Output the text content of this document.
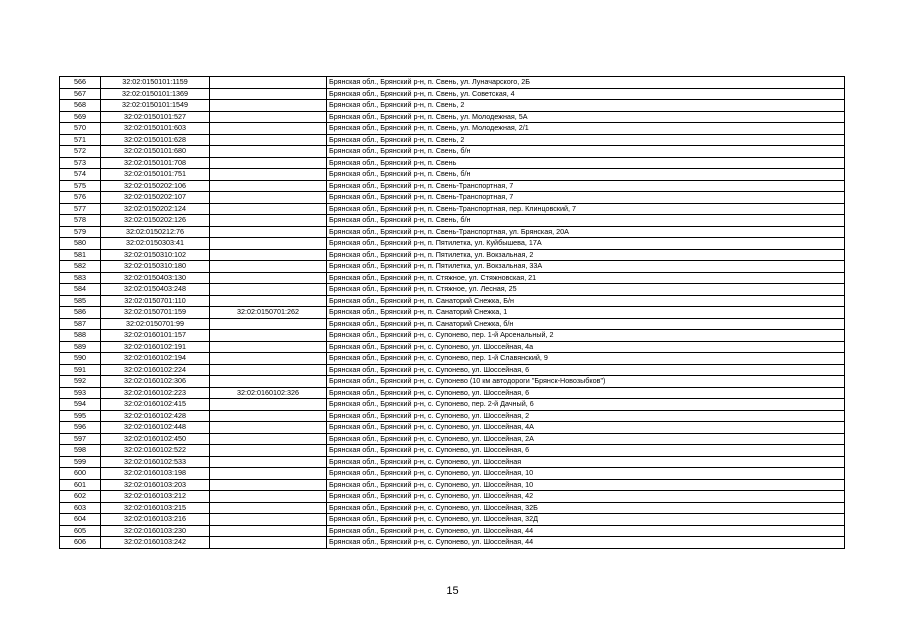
566	32:02:0150101:1159		Брянская обл., Брянский р-н, п. Свень, ул. Луначарского, 2Б
567	32:02:0150101:1369		Брянская обл., Брянский р-н, п. Свень, ул. Советская, 4
568	32:02:0150101:1549		Брянская обл., Брянский р-н, п. Свень, 2
569	32:02:0150101:527		Брянская обл., Брянский р-н, п. Свень, ул. Молодежная, 5А
570	32:02:0150101:603		Брянская обл., Брянский р-н, п. Свень, ул. Молодежная, 2/1
571	32:02:0150101:628		Брянская обл., Брянский р-н, п. Свень, 2
572	32:02:0150101:680		Брянская обл., Брянский р-н, п. Свень, б/н
573	32:02:0150101:708		Брянская обл., Брянский р-н, п. Свень
574	32:02:0150101:751		Брянская обл., Брянский р-н, п. Свень, б/н
575	32:02:0150202:106		Брянская обл., Брянский р-н, п. Свень-Транспортная, 7
576	32:02:0150202:107		Брянская обл., Брянский р-н, п. Свень-Транспортная, 7
577	32:02:0150202:124		Брянская обл., Брянский р-н, п. Свень-Транспортная, пер. Клинцовский, 7
578	32:02:0150202:126		Брянская обл., Брянский р-н, п. Свень, б/н
579	32:02:0150212:76		Брянская обл., Брянский р-н, п. Свень-Транспортная, ул. Брянская, 20А
580	32:02:0150303:41		Брянская обл., Брянский р-н, п. Пятилетка, ул. Куйбышева, 17А
581	32:02:0150310:102		Брянская обл., Брянский р-н, п. Пятилетка, ул. Вокзальная, 2
582	32:02:0150310:180		Брянская обл., Брянский р-н, п. Пятилетка, ул. Вокзальная, 33А
583	32:02:0150403:130		Брянская обл., Брянский р-н, п. Стяжное, ул. Стяжновская, 21
584	32:02:0150403:248		Брянская обл., Брянский р-н, п. Стяжное, ул. Лесная, 25
585	32:02:0150701:110		Брянская обл., Брянский р-н, п. Санаторий Снежка, Б/н
586	32:02:0150701:159	32:02:0150701:262	Брянская обл., Брянский р-н, п. Санаторий Снежка, 1
587	32:02:0150701:99		Брянская обл., Брянский р-н, п. Санаторий Снежка, б/н
588	32:02:0160101:157		Брянская обл., Брянский р-н, с. Супонево, пер. 1-й Арсенальный, 2
589	32:02:0160102:191		Брянская обл., Брянский р-н, с. Супонево, ул. Шоссейная, 4а
590	32:02:0160102:194		Брянская обл., Брянский р-н, с. Супонево, пер. 1-й Славянский, 9
591	32:02:0160102:224		Брянская обл., Брянский р-н, с. Супонево, ул. Шоссейная, 6
592	32:02:0160102:306		Брянская обл., Брянский р-н, с. Супонево (10 км автодороги "Брянск-Новозыбков")
593	32:02:0160102:223	32:02:0160102:326	Брянская обл., Брянский р-н, с. Супонево, ул. Шоссейная, 6
594	32:02:0160102:415		Брянская обл., Брянский р-н, с. Супонево, пер. 2-й Дачный, 6
595	32:02:0160102:428		Брянская обл., Брянский р-н, с. Супонево, ул. Шоссейная, 2
596	32:02:0160102:448		Брянская обл., Брянский р-н, с. Супонево, ул. Шоссейная, 4А
597	32:02:0160102:450		Брянская обл., Брянский р-н, с. Супонево, ул. Шоссейная, 2А
598	32:02:0160102:522		Брянская обл., Брянский р-н, с. Супонево, ул. Шоссейная, 6
599	32:02:0160102:533		Брянская обл., Брянский р-н, с. Супонево, ул. Шоссейная
600	32:02:0160103:198		Брянская обл., Брянский р-н, с. Супонево, ул. Шоссейная, 10
601	32:02:0160103:203		Брянская обл., Брянский р-н, с. Супонево, ул. Шоссейная, 10
602	32:02:0160103:212		Брянская обл., Брянский р-н, с. Супонево, ул. Шоссейная, 42
603	32:02:0160103:215		Брянская обл., Брянский р-н, с. Супонево, ул. Шоссейная, 32Б
604	32:02:0160103:216		Брянская обл., Брянский р-н, с. Супонево, ул. Шоссейная, 32Д
605	32:02:0160103:230		Брянская обл., Брянский р-н, с. Супонево, ул. Шоссейная, 44
606	32:02:0160103:242		Брянская обл., Брянский р-н, с. Супонево, ул. Шоссейная, 44
15
